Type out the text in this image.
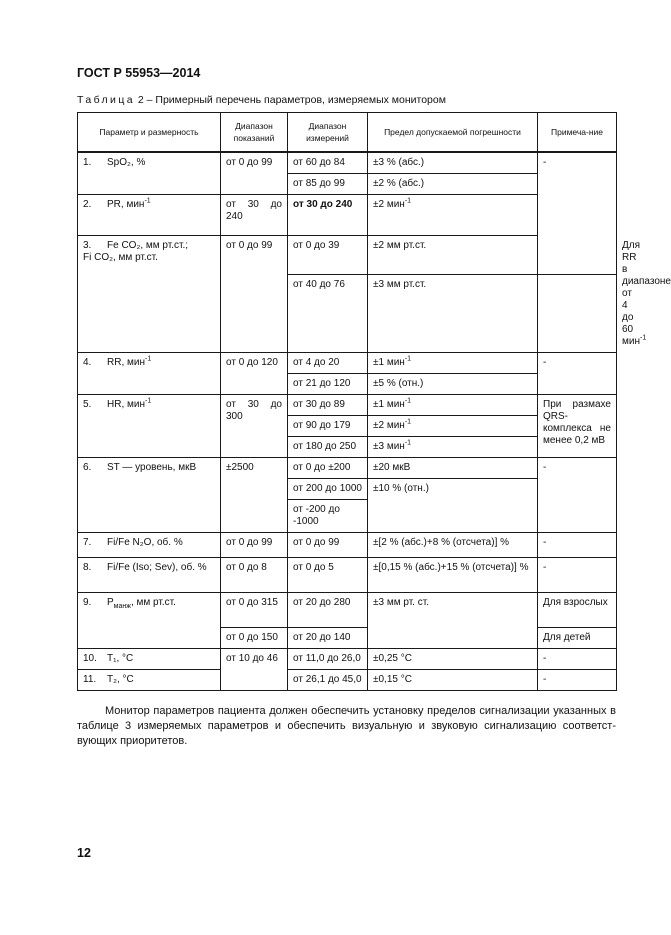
ГОСТ Р 55953—2014
Таблица 2 – Примерный перечень параметров, измеряемых монитором
Параметр и размерность	Диапазон показаний	Диапазон измерений	Предел допускаемой погрешности	Примеча-ние	
1. SpO₂, %	от 0 до 99	от 60 до 84	±3 % (абс.)	-	
		от 85 до 99	±2 % (абс.)		
2. PR, мин$^{-1}$	от 30 до 240	от 30 до 240	±2 мин$^{-1}$
3. Fe CO₂, мм рт.ст.;
Fi CO₂, мм рт.ст.	от 0 до 99	от 0 до 39	±2 мм рт.ст.		Для RR в диапазоне от 4 до 60 мин$^{-1}$
		от 40 до 76	±3 мм рт.ст.		
4. RR, мин$^{-1}$	от 0 до 120	от 4 до 20	±1 мин$^{-1}$	-	
		от 21 до 120	±5 % (отн.)		
5. HR, мин$^{-1}$	от 30 до 300	от 30 до 89	±1 мин$^{-1}$	При размахе QRS-комплекса не менее 0,2 мВ	
		от 90 до 179	±2 мин$^{-1}$
		от 180 до 250	±3 мин$^{-1}$
6. ST — уровень, мкВ	±2500	от 0 до ±200	±20 мкВ	-	
		от 200 до 1000	±10 % (отн.)		
		от -200 до -1000			
7. Fi/Fe N₂O, об. %	от 0 до 99	от 0 до 99	±[2 % (абс.)+8 % (отсчета)] %	-	
8. Fi/Fe (Iso; Sev), об. %	от 0 до 8	от 0 до 5	±[0,15 % (абс.)+15 % (отсчета)] %	-	
9. $P_{манж}$, мм рт.ст.	от 0 до 315	от 20 до 280	±3 мм рт. ст.	Для взрослых	
	от 0 до 150	от 20 до 140		Для детей	
10. T₁, °C	от 10 до 46	от 11,0 до 26,0	±0,25 °C	-	
11. T₂, °C		от 26,1 до 45,0	±0,15 °C	-	

Монитор параметров пациента должен обеспечить установку пределов сигнализации указанных в таблице 3 измеряемых параметров и обеспечить визуальную и звуковую сигнализацию соответст-вующих приоритетов.

12
